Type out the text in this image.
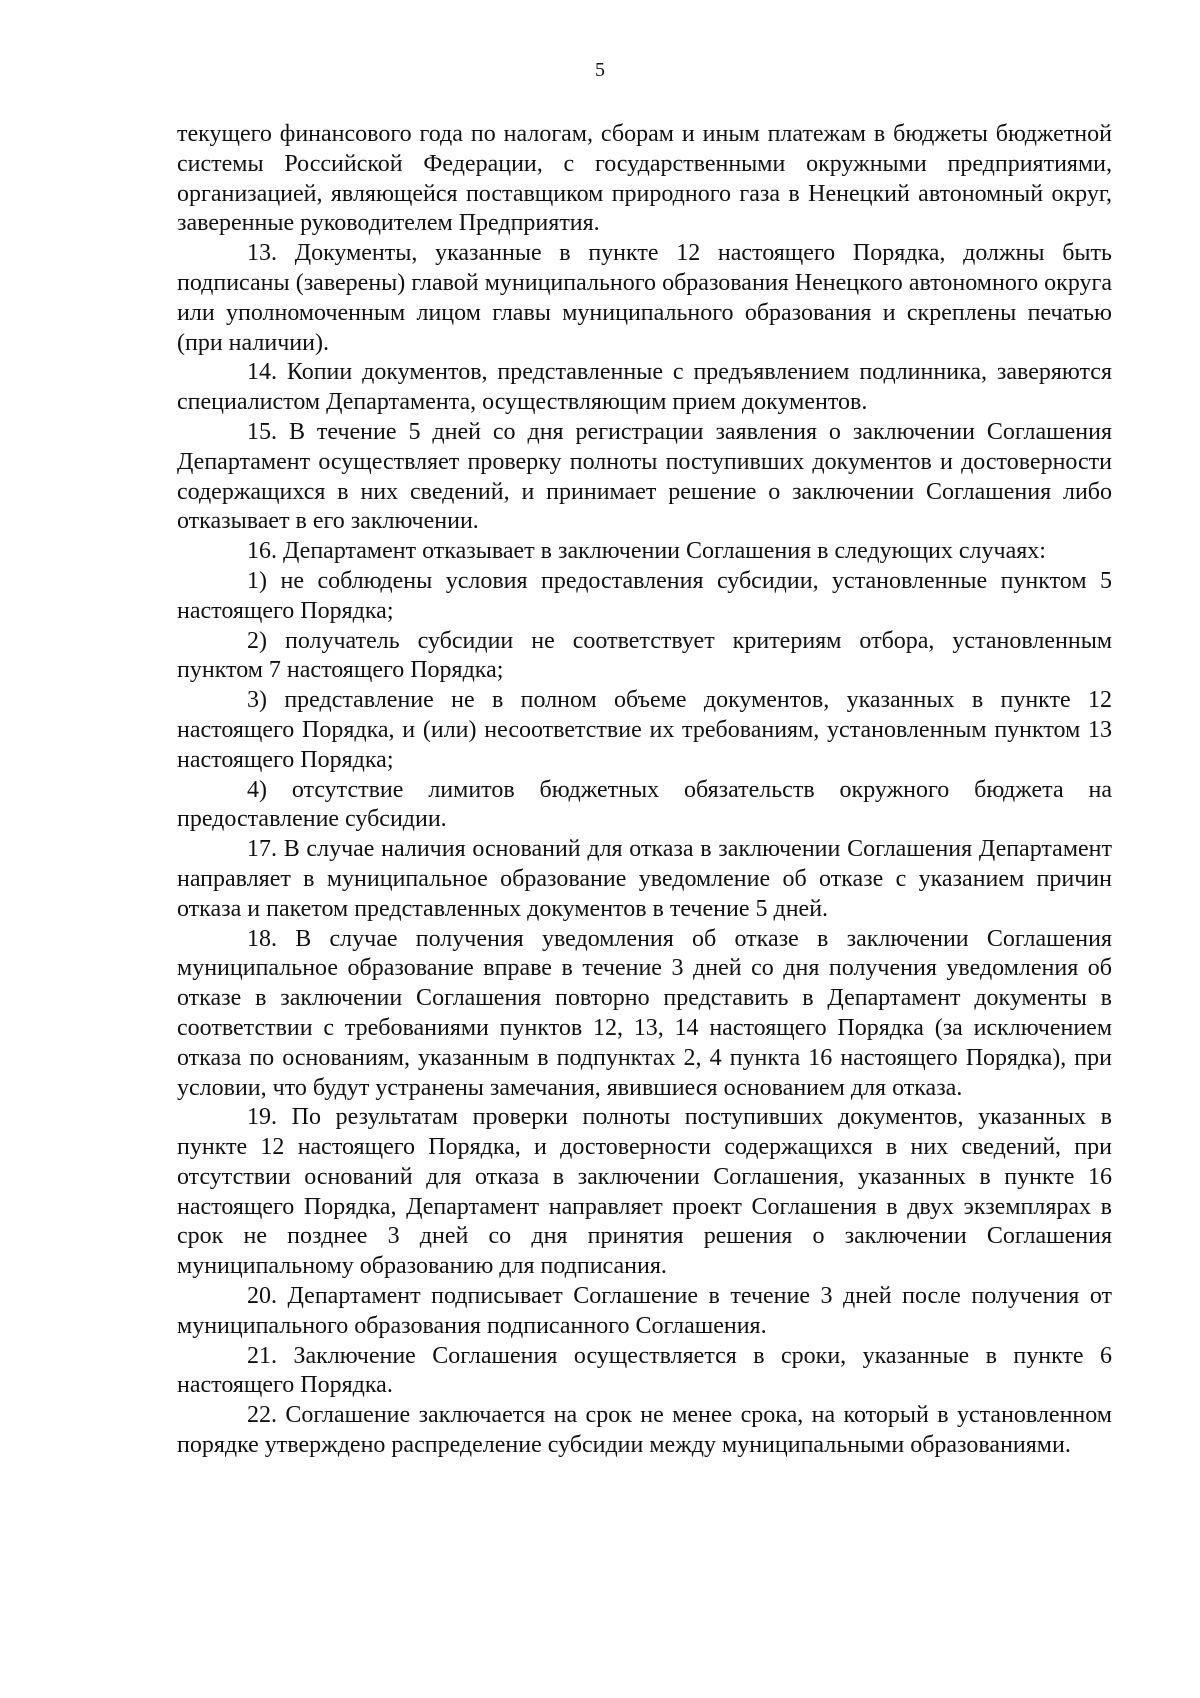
5

текущего финансового года по налогам, сборам и иным платежам в бюджеты бюджетной системы Российской Федерации, с государственными окружными предприятиями, организацией, являющейся поставщиком природного газа в Ненецкий автономный округ, заверенные руководителем Предприятия.

13. Документы, указанные в пункте 12 настоящего Порядка, должны быть подписаны (заверены) главой муниципального образования Ненецкого автономного округа или уполномоченным лицом главы муниципального образования и скреплены печатью (при наличии).

14. Копии документов, представленные с предъявлением подлинника, заверяются специалистом Департамента, осуществляющим прием документов.

15. В течение 5 дней со дня регистрации заявления о заключении Соглашения Департамент осуществляет проверку полноты поступивших документов и достоверности содержащихся в них сведений, и принимает решение о заключении Соглашения либо отказывает в его заключении.

16. Департамент отказывает в заключении Соглашения в следующих случаях:

1) не соблюдены условия предоставления субсидии, установленные пунктом 5 настоящего Порядка;

2) получатель субсидии не соответствует критериям отбора, установленным пунктом 7 настоящего Порядка;

3) представление не в полном объеме документов, указанных в пункте 12 настоящего Порядка, и (или) несоответствие их требованиям, установленным пунктом 13 настоящего Порядка;

4) отсутствие лимитов бюджетных обязательств окружного бюджета на предоставление субсидии.

17. В случае наличия оснований для отказа в заключении Соглашения Департамент направляет в муниципальное образование уведомление об отказе с указанием причин отказа и пакетом представленных документов в течение 5 дней.

18. В случае получения уведомления об отказе в заключении Соглашения муниципальное образование вправе в течение 3 дней со дня получения уведомления об отказе в заключении Соглашения повторно представить в Департамент документы в соответствии с требованиями пунктов 12, 13, 14 настоящего Порядка (за исключением отказа по основаниям, указанным в подпунктах 2, 4 пункта 16 настоящего Порядка), при условии, что будут устранены замечания, явившиеся основанием для отказа.

19. По результатам проверки полноты поступивших документов, указанных в пункте 12 настоящего Порядка, и достоверности содержащихся в них сведений, при отсутствии оснований для отказа в заключении Соглашения, указанных в пункте 16 настоящего Порядка, Департамент направляет проект Соглашения в двух экземплярах в срок не позднее 3 дней со дня принятия решения о заключении Соглашения муниципальному образованию для подписания.

20. Департамент подписывает Соглашение в течение 3 дней после получения от муниципального образования подписанного Соглашения.

21. Заключение Соглашения осуществляется в сроки, указанные в пункте 6 настоящего Порядка.

22. Соглашение заключается на срок не менее срока, на который в установленном порядке утверждено распределение субсидии между муниципальными образованиями.
